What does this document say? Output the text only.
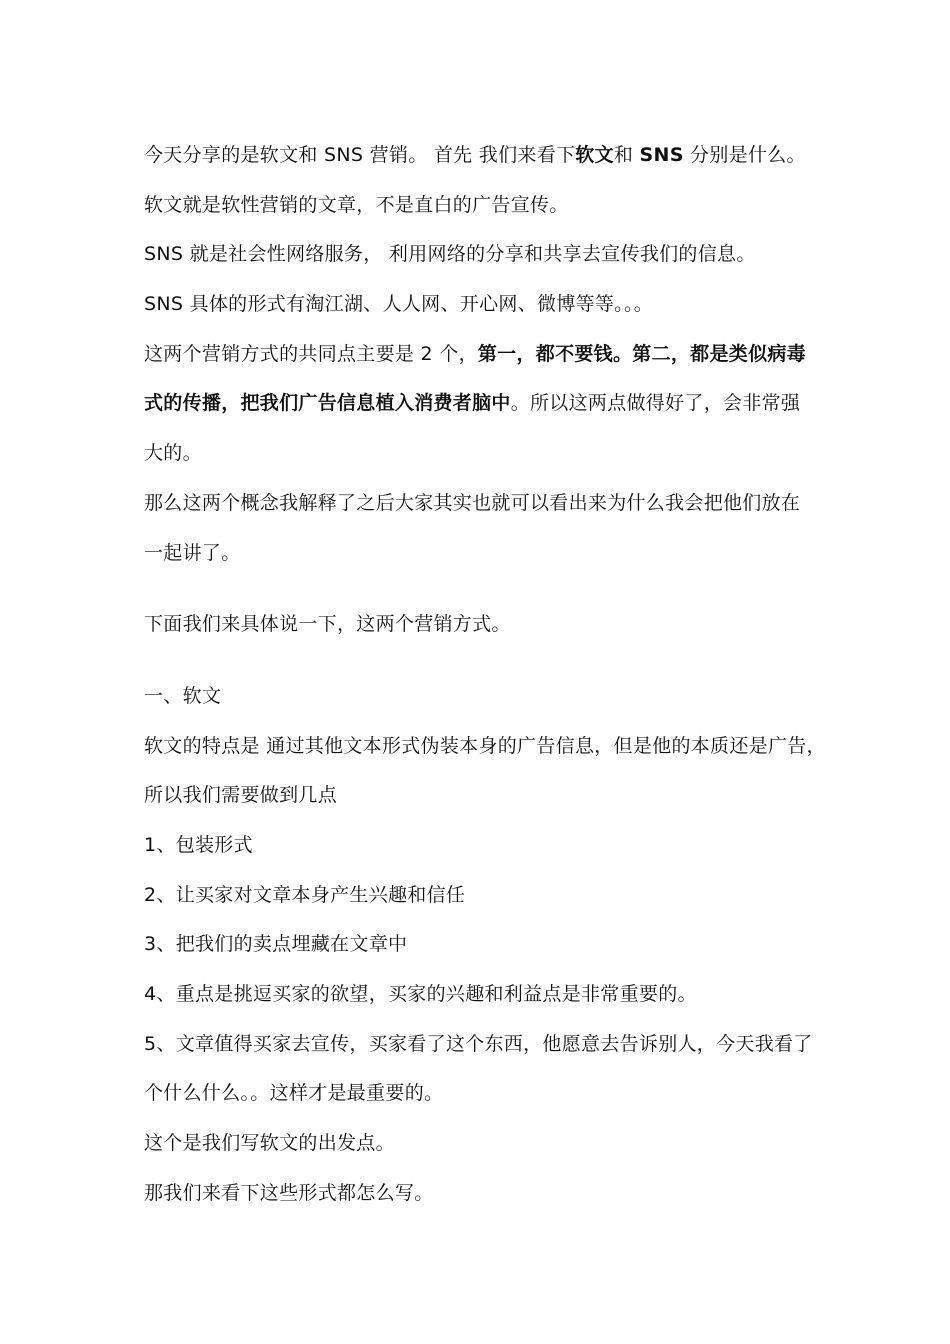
今天分享的是软文和 SNS 营销。 首先 我们来看下软文和 SNS 分别是什么。
软文就是软性营销的文章，不是直白的广告宣传。
SNS 就是社会性网络服务， 利用网络的分享和共享去宣传我们的信息。
SNS 具体的形式有淘江湖、人人网、开心网、微博等等。。。
这两个营销方式的共同点主要是 2 个，第一，都不要钱。第二，都是类似病毒
式的传播，把我们广告信息植入消费者脑中。所以这两点做得好了，会非常强
大的。
那么这两个概念我解释了之后大家其实也就可以看出来为什么我会把他们放在
一起讲了。
下面我们来具体说一下，这两个营销方式。
一、软文
软文的特点是 通过其他文本形式伪装本身的广告信息，但是他的本质还是广告，
所以我们需要做到几点
1、包装形式
2、让买家对文章本身产生兴趣和信任
3、把我们的卖点埋藏在文章中
4、重点是挑逗买家的欲望，买家的兴趣和利益点是非常重要的。
5、文章值得买家去宣传，买家看了这个东西，他愿意去告诉别人，今天我看了
个什么什么。。这样才是最重要的。
这个是我们写软文的出发点。
那我们来看下这些形式都怎么写。
